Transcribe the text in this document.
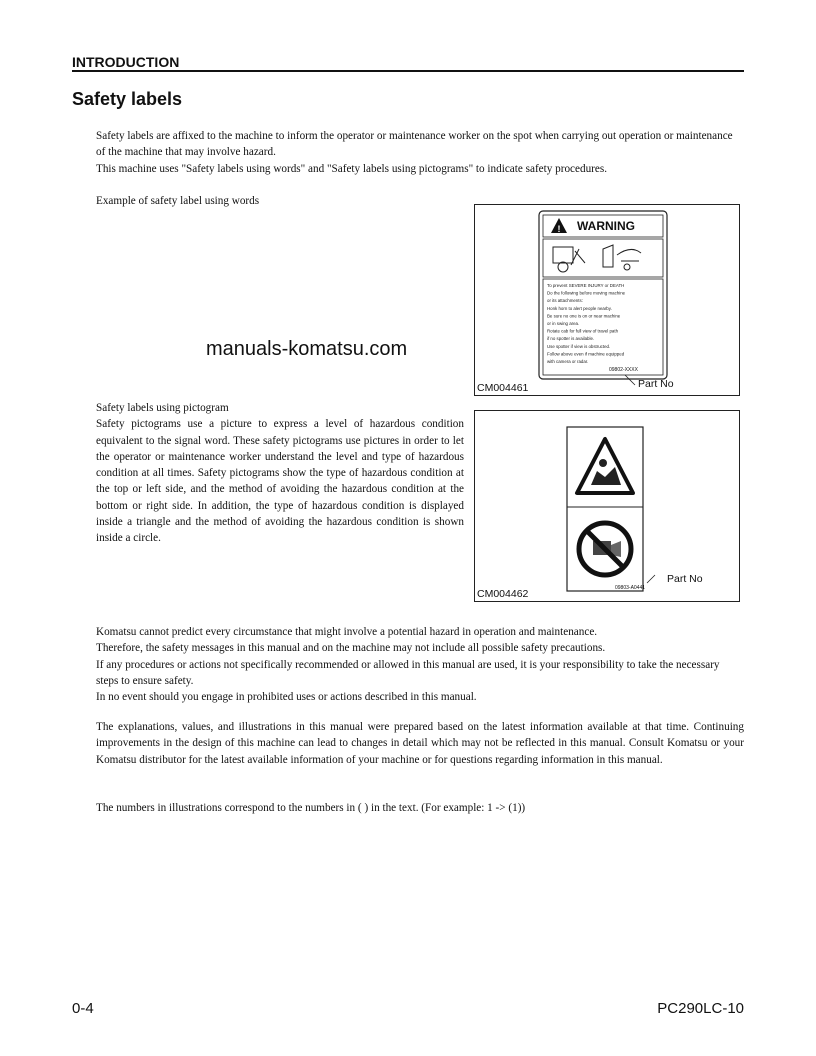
INTRODUCTION
Safety labels

Safety labels are affixed to the machine to inform the operator or maintenance worker on the spot when carrying out operation or maintenance of the machine that may involve hazard.

This machine uses "Safety labels using words" and "Safety labels using pictograms" to indicate safety procedures.

Example of safety label using words
!
To prevent SEVERE INJURY or DEATH
Do the following before moving machine
or its attachments:
Honk horn to alert people nearby.
Be sure no one is on or near machine
or in swing area.
Rotate cab for full view of travel path
if no spotter is available.
Use spotter if view is obstructed.
Follow above even if machine equipped
with camera or radar.
WARNING
09802-XXXX
Part No
CM004461
manuals-komatsu.com

Safety labels using pictogram

Safety pictograms use a picture to express a level of hazardous condition equivalent to the signal word. These safety pictograms use pictures in order to let the operator or maintenance worker understand the level and type of hazardous condition at all times. Safety pictograms show the type of hazardous condition at the top or left side, and the method of avoiding the hazardous condition at the bottom or right side. In addition, the type of hazardous condition is displayed inside a triangle and the method of avoiding the hazardous condition is shown inside a circle.

09803-A0441
Part No
CM004462

Komatsu cannot predict every circumstance that might involve a potential hazard in operation and maintenance.

Therefore, the safety messages in this manual and on the machine may not include all possible safety precautions.

If any procedures or actions not specifically recommended or allowed in this manual are used, it is your responsibility to take the necessary steps to ensure safety.

In no event should you engage in prohibited uses or actions described in this manual.

The explanations, values, and illustrations in this manual were prepared based on the latest information available at that time. Continuing improvements in the design of this machine can lead to changes in detail which may not be reflected in this manual. Consult Komatsu or your Komatsu distributor for the latest available information of your machine or for questions regarding information in this manual.
The numbers in illustrations correspond to the numbers in ( ) in the text. (For example: 1 -> (1))
0-4	PC290LC-10
